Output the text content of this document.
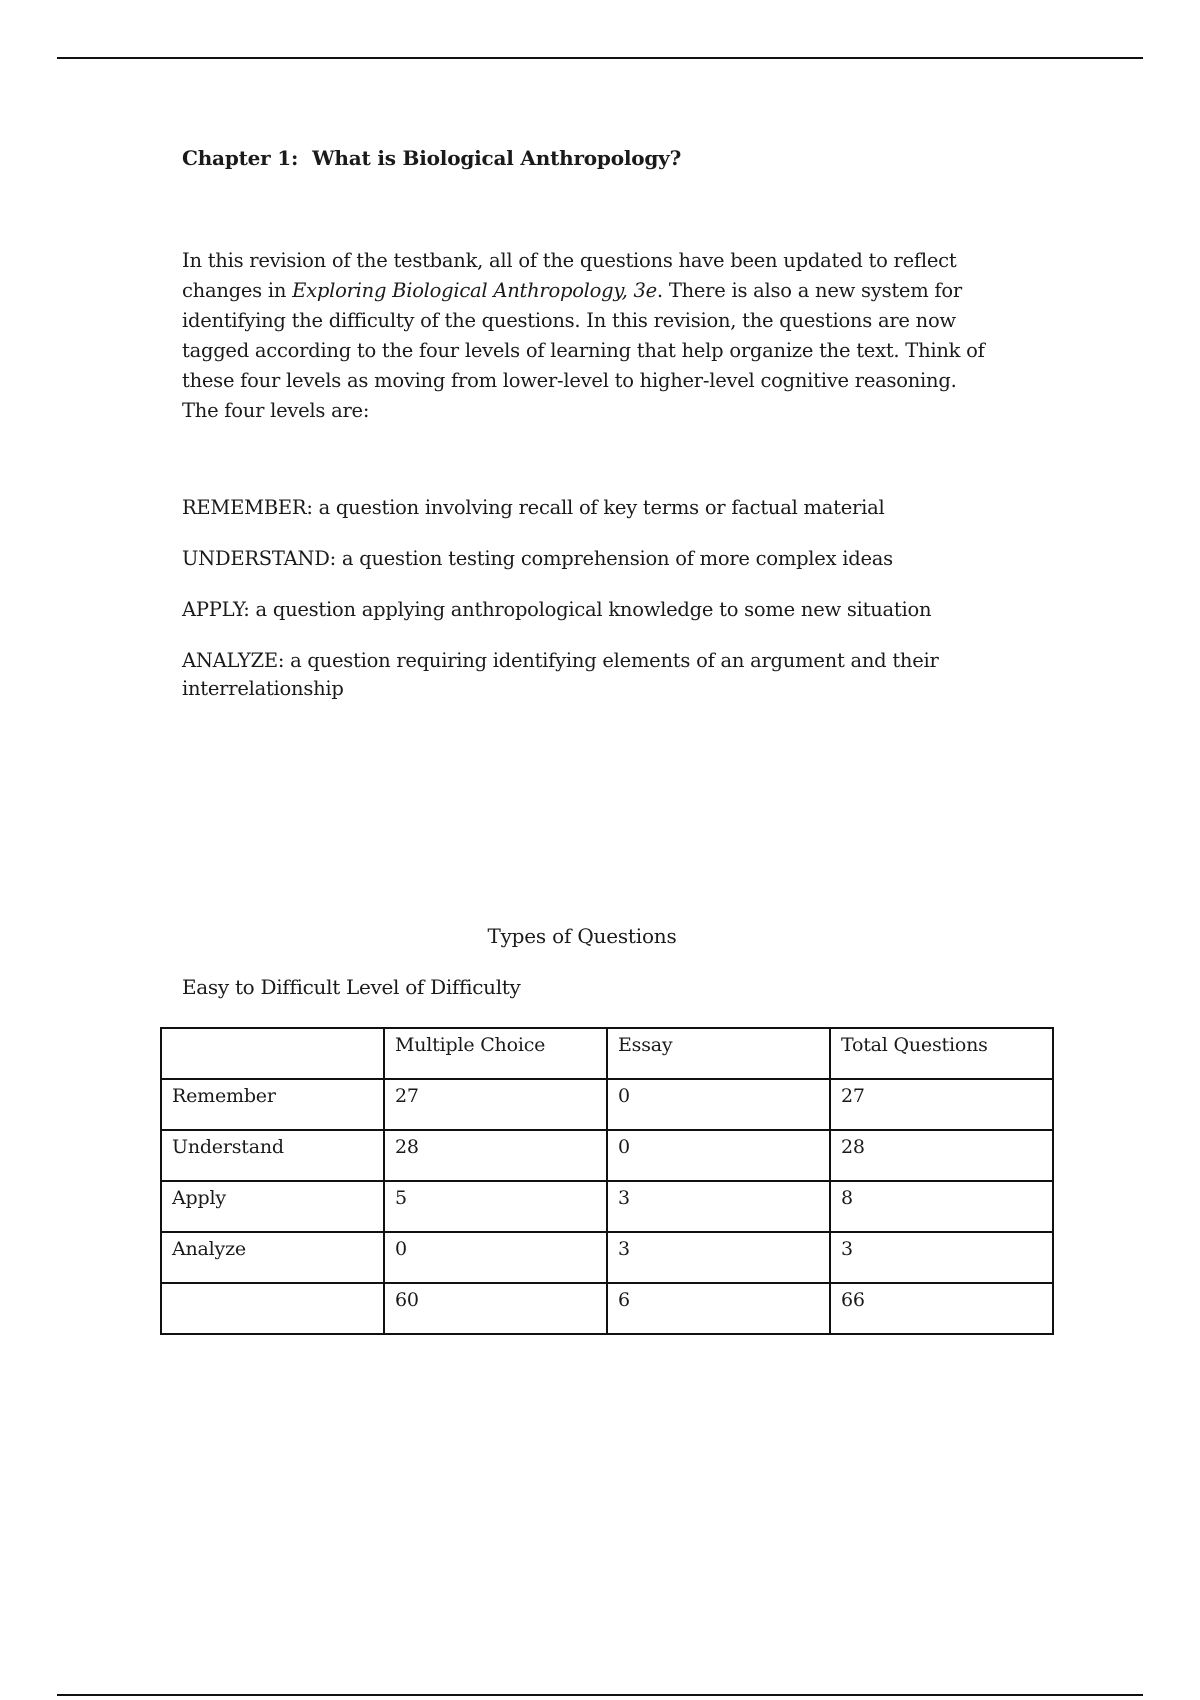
Chapter 1: What is Biological Anthropology?

In this revision of the testbank, all of the questions have been updated to reflect changes in Exploring Biological Anthropology, 3e. There is also a new system for identifying the difficulty of the questions. In this revision, the questions are now tagged according to the four levels of learning that help organize the text. Think of these four levels as moving from lower-level to higher-level cognitive reasoning. The four levels are:

REMEMBER: a question involving recall of key terms or factual material
UNDERSTAND: a question testing comprehension of more complex ideas
APPLY: a question applying anthropological knowledge to some new situation
ANALYZE: a question requiring identifying elements of an argument and their interrelationship

Types of Questions

Easy to Difficult Level of Difficulty

	Multiple Choice	Essay	Total Questions
Remember	27	0	27
Understand	28	0	28
Apply	5	3	8
Analyze	0	3	3
	60	6	66
